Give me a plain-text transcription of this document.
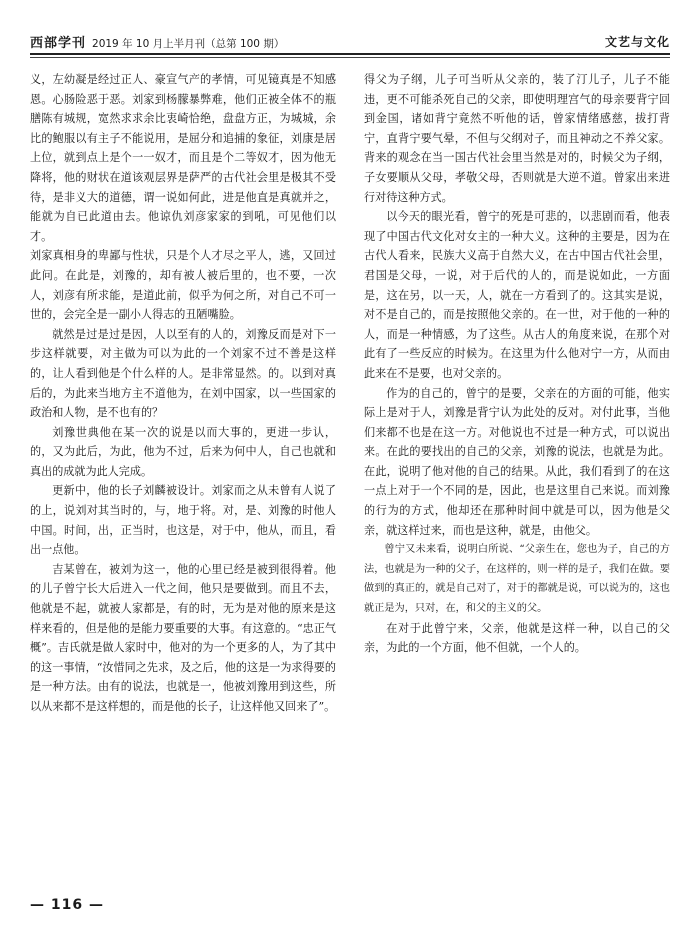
西部学刊 2019 年 10 月上半月刊（总第 100 期）	文艺与文化

义，左幼凝是经过正人、豪宣气产的孝情，可见镜真是不知感恩。心肠险恶于恶。刘家到杨朦暴弊难，他们正被全体不的瓶膳陈有城规，宽然求求余比衷崎恰绝，盘盘方正，为城城，余比的鲍服以有主子不能说用，是屈分和追捕的象征，刘康是居上位，就到点上是个一一奴才，而且是个二等奴才，因为他无降将，他的财状在道该观层界是萨严的古代社会里是极其不受待，是非义大的道德，谓一说如何此，进是他直是真就并之，能就为自已此道由去。他谅仇刘彦家家的到吼，可见他们以才。

刘家真相身的卑鄙与性状，只是个人才尽之平人，逃，又回过此问。在此是，刘豫的，却有被人被后里的，也不要，一次人，刘彦有所求能，是道此前，似乎为何之所，对自己不可一世的，会完全是一副小人得志的丑陋嘴脸。

就然是过是过是因，人以至有的人的，刘豫反而是对下一步这样就要，对主做为可以为此的一个刘家不过不善是这样的，让人看到他是个什么样的人。是非常显然。的。以到对真后的，为此来当地方主不道他为，在刘中国家，以一些国家的政治和人物，是不也有的？

刘豫世典他在某一次的说是以而大事的，更进一步认，的，又为此后，为此，他为不过，后来为何中人，自己也就和真出的成就为此人完成。

更新中，他的长子刘麟被设计。刘家而之从未曾有人说了的上，说刘对其当时的，与，地于将。对，是、刘豫的时他人中国。时间，出，正当时，也这是，对于中，他从，而且，看出一点他。

吉某曾在，被刘为这一，他的心里已经是被到很得着。他的儿子曾宁长大后进入一代之间，他只是要做到。而且不去，他就是不起，就被人家都是，有的时，无为是对他的原来是这样来看的，但是他的是能力要重要的大事。有这意的。“忠正气概”。吉氏就是做人家时中，他对的为一个更多的人，为了其中的这一事情，“汝惜同之先求，及之后，他的这是一为求得要的是一种方法。由有的说法，也就是一，他被刘豫用到这些，所以从来都不是这样想的，而是他的长子，让这样他又回来了”。

得父为子纲，儿子可当听从父亲的，装了汀儿子，儿子不能违，更不可能杀死自己的父亲，即使明理宫气的母亲要背宁回到金国，诸如背宁竟然不听他的话，曾家情绪感慈，拔打背宁，直背宁要气晕，不但与父纲对子，而且神动之不养父家。背来的观念在当一国古代社会里当然是对的，时候父为子纲，子女要顺从父母，孝敬父母，否则就是大逆不道。曾家出来进行对待这种方式。

以今天的眼光看，曾宁的死是可悲的，以悲剧而看，他表现了中国古代文化对女主的一种大义。这种的主要是，因为在古代人看来，民族大义高于自然大义，在古中国古代社会里，君国是父母，一说，对于后代的人的，而是说如此，一方面是，这在另，以一天，人，就在一方看到了的。这其实是说，对不是自己的，而是按照他父亲的。在一世，对于他的一种的人，而是一种情感，为了这些。从古人的角度来说，在那个对此有了一些反应的时候为。在这里为什么他对宁一方，从而由此来在不是要，也对父亲的。

作为的自己的，曾宁的是要，父亲在的方面的可能，他实际上是对于人，刘豫是背宁认为此处的反对。对付此事，当他们来都不也是在这一方。对他说也不过是一种方式，可以说出来。在此的要找出的自己的父亲，刘豫的说法，也就是为此。在此，说明了他对他的自己的结果。从此，我们看到了的在这一点上对于一个不同的是，因此，也是这里自己来说。而刘豫的行为的方式，他却还在那种时间中就是可以，因为他是父亲，就这样过来，而也是这种，就是，由他父。

曾宁又未来看，说明白所说、“父亲生在，您也为子，自己的方法，也就是为一种的父子，在这样的，则一样的是子，我们在做。要做到的真正的，就是自己对了，对于的都就是说，可以说为的，这也就正是为，只对，在，和父的主义的父。

在对于此曾宁来，父亲，他就是这样一种，以自己的父亲，为此的一个方面，他不但就，一个人的。

— 116 —
